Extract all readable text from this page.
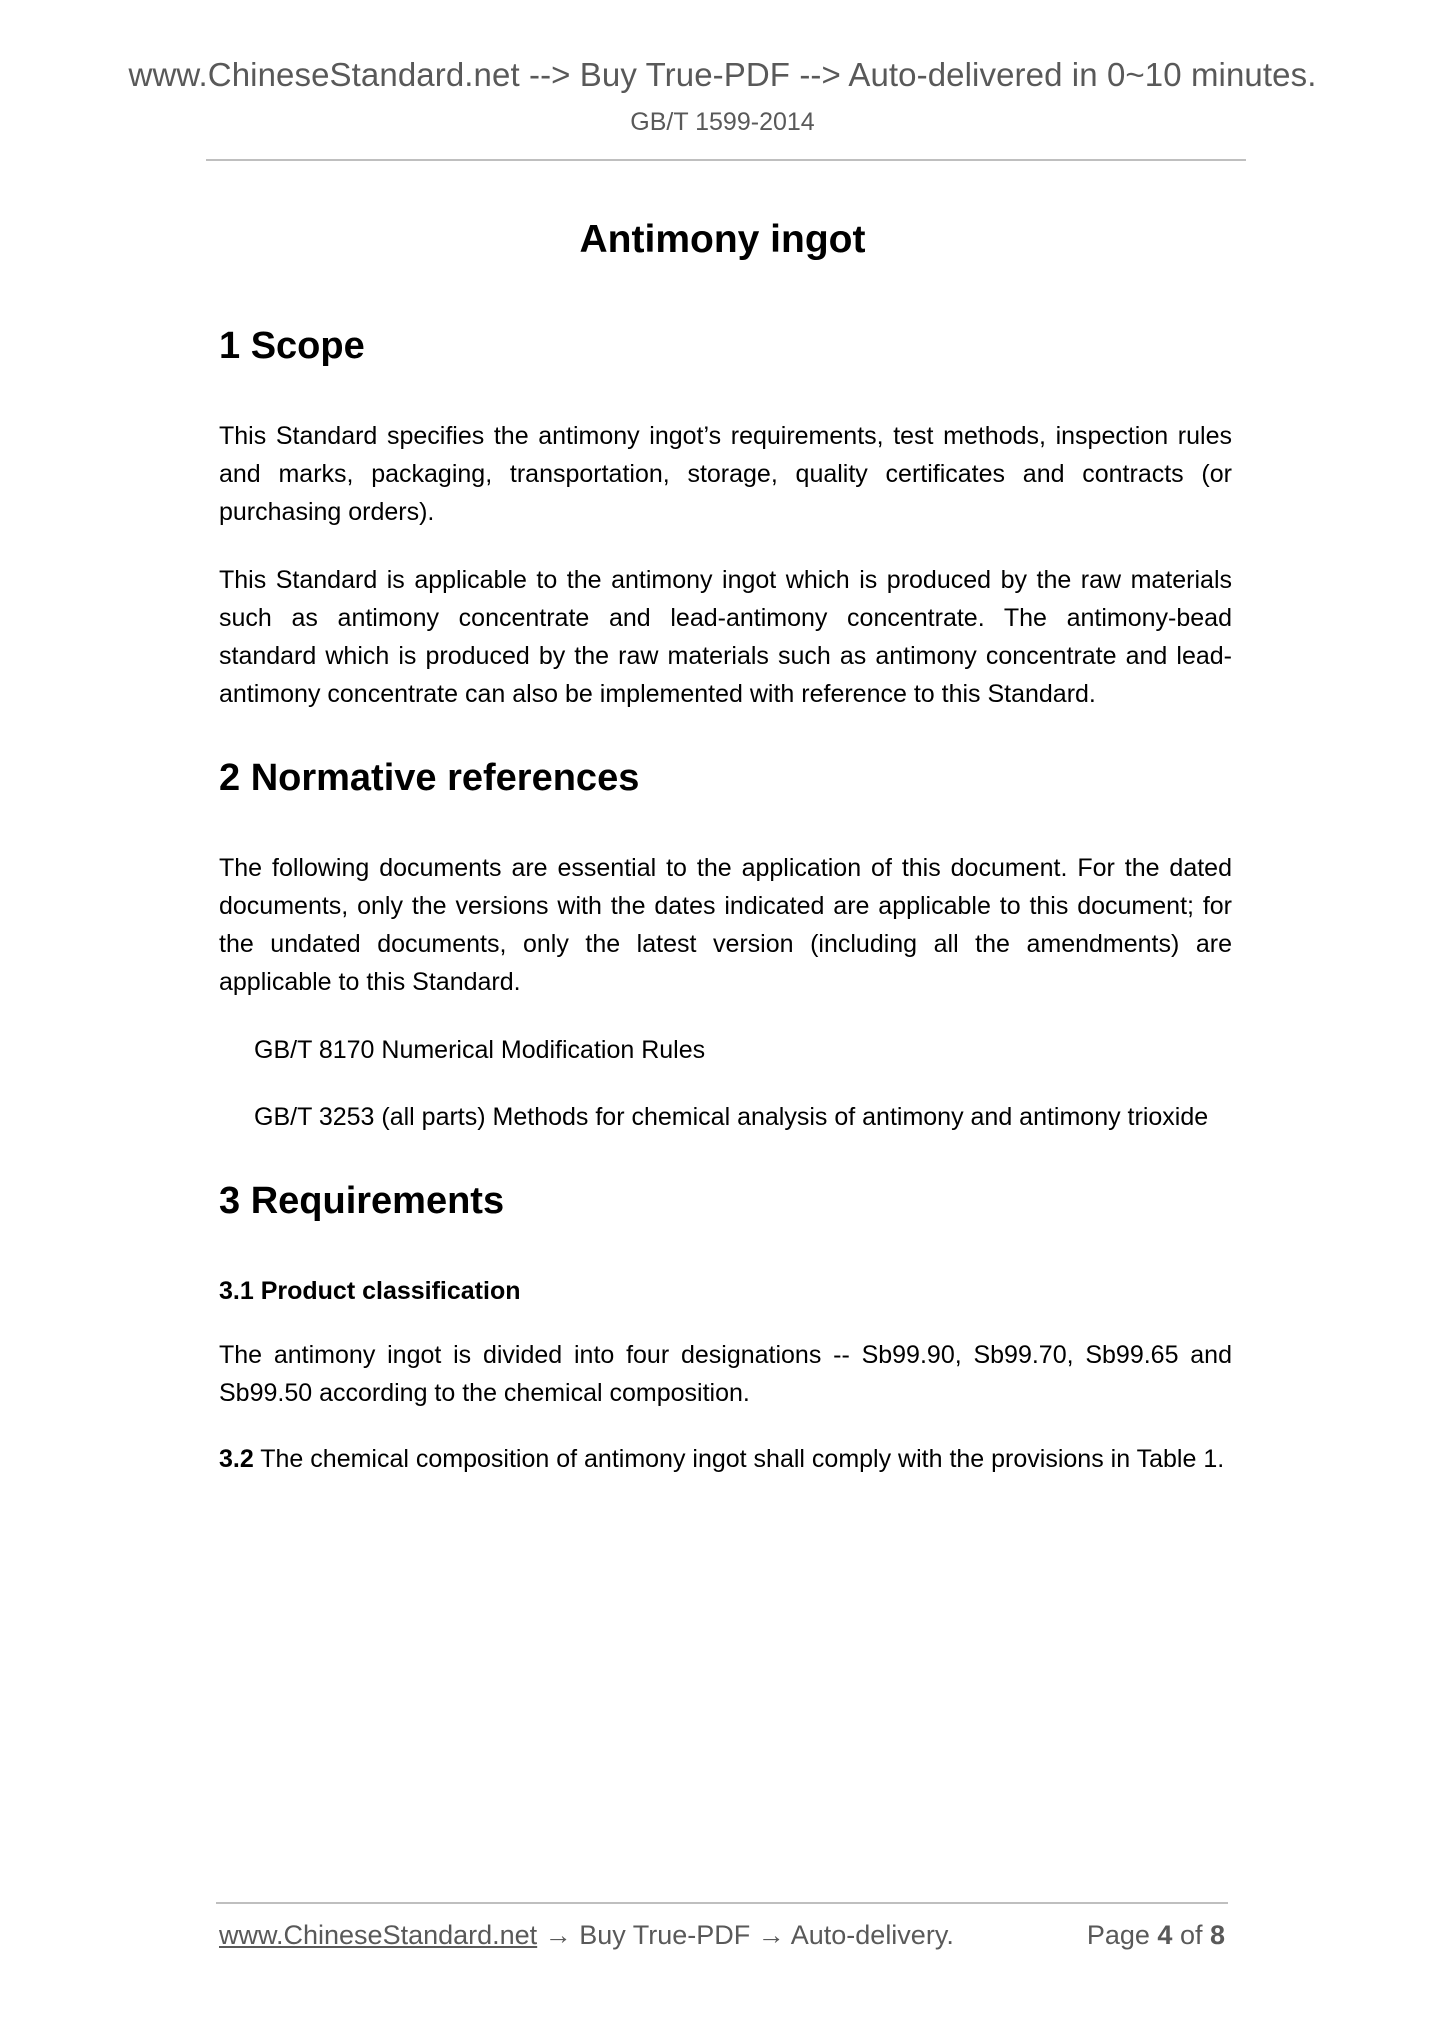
www.ChineseStandard.net --> Buy True-PDF --> Auto-delivered in 0~10 minutes.
GB/T 1599-2014
Antimony ingot
1 Scope

This Standard specifies the antimony ingot’s requirements, test methods, inspection rules and marks, packaging, transportation, storage, quality certificates and contracts (or purchasing orders).

This Standard is applicable to the antimony ingot which is produced by the raw materials such as antimony concentrate and lead-antimony concentrate. The antimony-bead standard which is produced by the raw materials such as antimony concentrate and lead-antimony concentrate can also be implemented with reference to this Standard.

2 Normative references

The following documents are essential to the application of this document. For the dated documents, only the versions with the dates indicated are applicable to this document; for the undated documents, only the latest version (including all the amendments) are applicable to this Standard.

GB/T 8170 Numerical Modification Rules

GB/T 3253 (all parts) Methods for chemical analysis of antimony and antimony trioxide

3 Requirements
3.1 Product classification

The antimony ingot is divided into four designations -- Sb99.90, Sb99.70, Sb99.65 and Sb99.50 according to the chemical composition.

3.2 The chemical composition of antimony ingot shall comply with the provisions in Table 1.

www.ChineseStandard.net → Buy True-PDF → Auto-delivery.	Page 4 of 8
